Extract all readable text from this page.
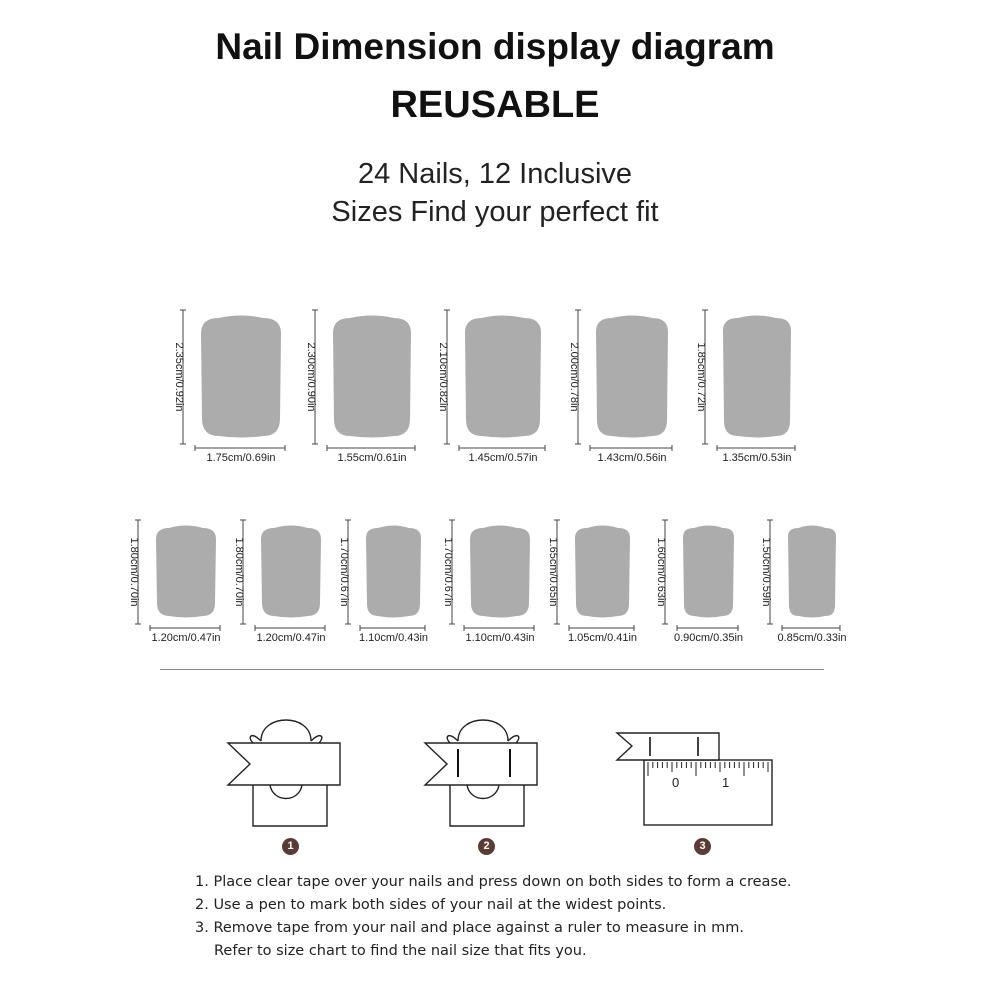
Nail Dimension display diagram
REUSABLE
24 Nails, 12 Inclusive
Sizes Find your perfect fit
2.35cm/0.92in
1.75cm/0.69in
2.30cm/0.90in
1.55cm/0.61in
2.10cm/0.82in
1.45cm/0.57in
2.00cm/0.78in
1.43cm/0.56in
1.85cm/0.72in
1.35cm/0.53in
1.80cm/0.70in
1.20cm/0.47in
1.80cm/0.70in
1.20cm/0.47in
1.70cm/0.67in
1.10cm/0.43in
1.70cm/0.67in
1.10cm/0.43in
1.65cm/0.65in
1.05cm/0.41in
1.60cm/0.63in
0.90cm/0.35in
1.50cm/0.59in
0.85cm/0.33in
1	2
0	1
3
1. Place clear tape over your nails and press down on both sides to form a crease.
2. Use a pen to mark both sides of your nail at the widest points.
3. Remove tape from your nail and place against a ruler to measure in mm.
Refer to size chart to find the nail size that fits you.
